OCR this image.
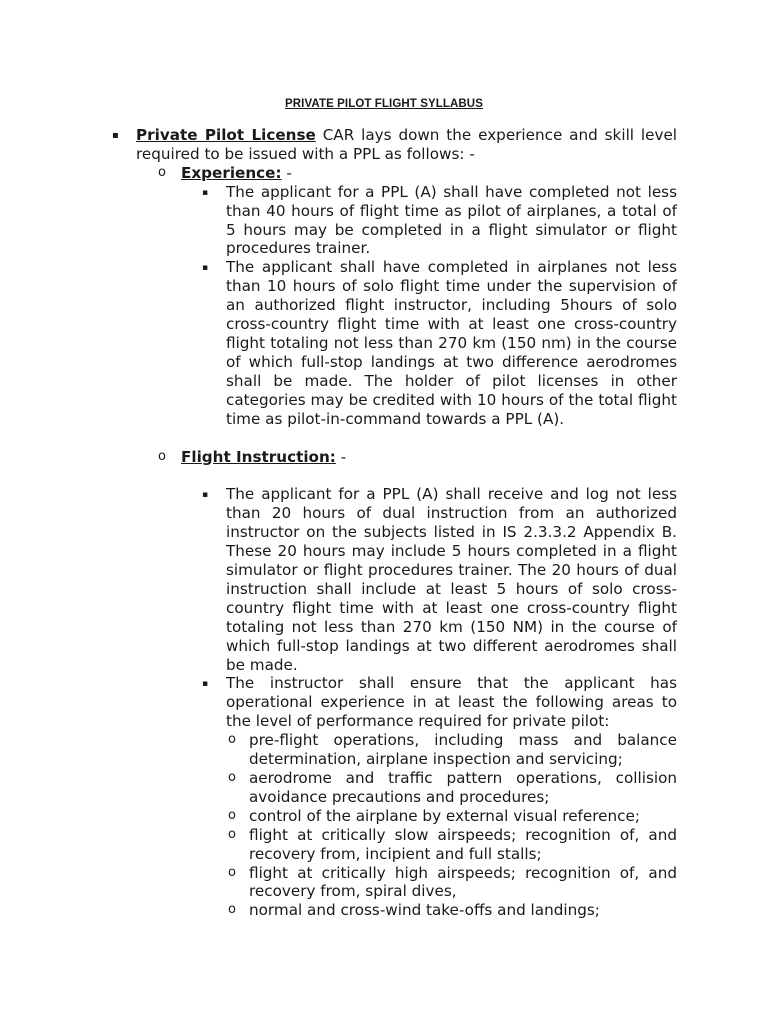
PRIVATE PILOT FLIGHT SYLLABUS
▪ Private Pilot License CAR lays down the experience and skill level required to be issued with a PPL as follows: -
o Experience: -
▪ The applicant for a PPL (A) shall have completed not less than 40 hours of flight time as pilot of airplanes, a total of 5 hours may be completed in a flight simulator or flight procedures trainer.
▪ The applicant shall have completed in airplanes not less than 10 hours of solo flight time under the supervision of an authorized flight instructor, including 5hours of solo cross-country flight time with at least one cross-country flight totaling not less than 270 km (150 nm) in the course of which full-stop landings at two difference aerodromes shall be made. The holder of pilot licenses in other categories may be credited with 10 hours of the total flight time as pilot-in-command towards a PPL (A).
o Flight Instruction: -
▪ The applicant for a PPL (A) shall receive and log not less than 20 hours of dual instruction from an authorized instructor on the subjects listed in IS 2.3.3.2 Appendix B. These 20 hours may include 5 hours completed in a flight simulator or flight procedures trainer. The 20 hours of dual instruction shall include at least 5 hours of solo cross-country flight time with at least one cross-country flight totaling not less than 270 km (150 NM) in the course of which full-stop landings at two different aerodromes shall be made.
▪ The instructor shall ensure that the applicant has operational experience in at least the following areas to the level of performance required for private pilot:
o pre-flight operations, including mass and balance determination, airplane inspection and servicing;
o aerodrome and traffic pattern operations, collision avoidance precautions and procedures;
o control of the airplane by external visual reference;
o flight at critically slow airspeeds; recognition of, and recovery from, incipient and full stalls;
o flight at critically high airspeeds; recognition of, and recovery from, spiral dives,
o normal and cross-wind take-offs and landings;
